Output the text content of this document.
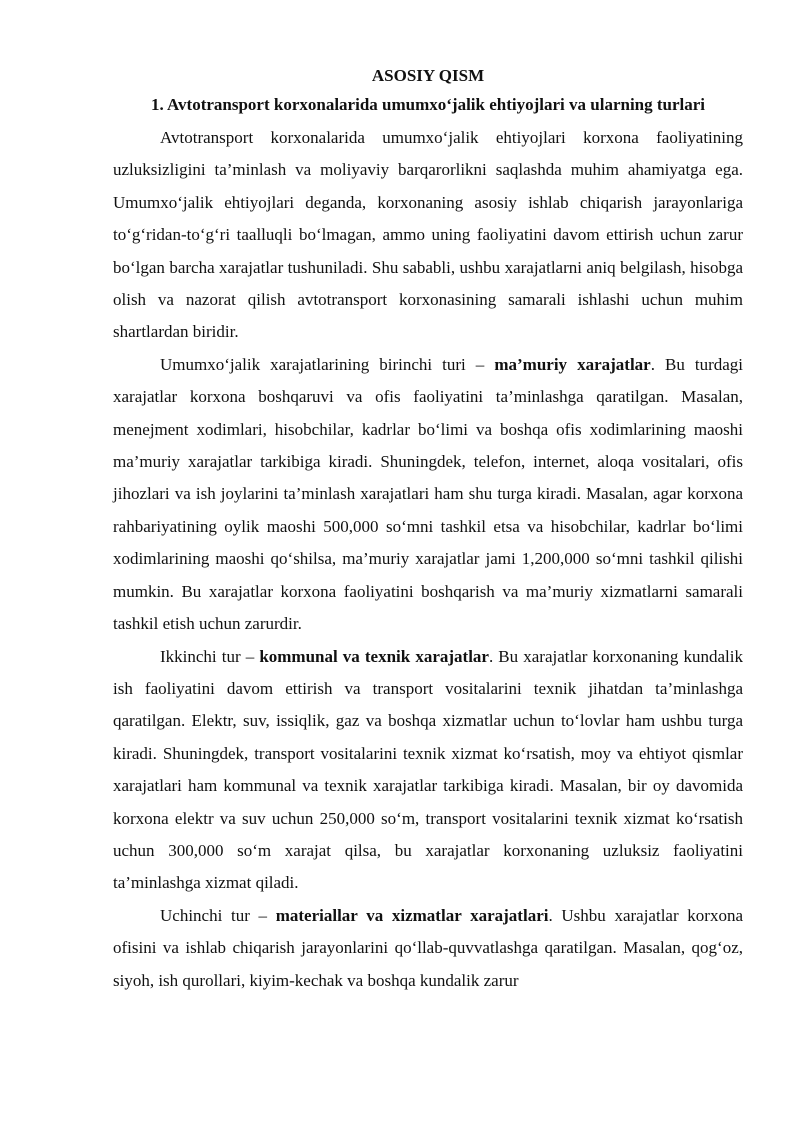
ASOSIY QISM
1. Avtotransport korxonalarida umumxo‘jalik ehtiyojlari va ularning turlari

Avtotransport korxonalarida umumxo‘jalik ehtiyojlari korxona faoliyatining uzluksizligini ta’minlash va moliyaviy barqarorlikni saqlashda muhim ahamiyatga ega. Umumxo‘jalik ehtiyojlari deganda, korxonaning asosiy ishlab chiqarish jarayonlariga to‘g‘ridan-to‘g‘ri taalluqli bo‘lmagan, ammo uning faoliyatini davom ettirish uchun zarur bo‘lgan barcha xarajatlar tushuniladi. Shu sababli, ushbu xarajatlarni aniq belgilash, hisobga olish va nazorat qilish avtotransport korxonasining samarali ishlashi uchun muhim shartlardan biridir.

Umumxo‘jalik xarajatlarining birinchi turi – ma’muriy xarajatlar. Bu turdagi xarajatlar korxona boshqaruvi va ofis faoliyatini ta’minlashga qaratilgan. Masalan, menejment xodimlari, hisobchilar, kadrlar bo‘limi va boshqa ofis xodimlarining maoshi ma’muriy xarajatlar tarkibiga kiradi. Shuningdek, telefon, internet, aloqa vositalari, ofis jihozlari va ish joylarini ta’minlash xarajatlari ham shu turga kiradi. Masalan, agar korxona rahbariyatining oylik maoshi 500,000 so‘mni tashkil etsa va hisobchilar, kadrlar bo‘limi xodimlarining maoshi qo‘shilsa, ma’muriy xarajatlar jami 1,200,000 so‘mni tashkil qilishi mumkin. Bu xarajatlar korxona faoliyatini boshqarish va ma’muriy xizmatlarni samarali tashkil etish uchun zarurdir.

Ikkinchi tur – kommunal va texnik xarajatlar. Bu xarajatlar korxonaning kundalik ish faoliyatini davom ettirish va transport vositalarini texnik jihatdan ta’minlashga qaratilgan. Elektr, suv, issiqlik, gaz va boshqa xizmatlar uchun to‘lovlar ham ushbu turga kiradi. Shuningdek, transport vositalarini texnik xizmat ko‘rsatish, moy va ehtiyot qismlar xarajatlari ham kommunal va texnik xarajatlar tarkibiga kiradi. Masalan, bir oy davomida korxona elektr va suv uchun 250,000 so‘m, transport vositalarini texnik xizmat ko‘rsatish uchun 300,000 so‘m xarajat qilsa, bu xarajatlar korxonaning uzluksiz faoliyatini ta’minlashga xizmat qiladi.

Uchinchi tur – materiallar va xizmatlar xarajatlari. Ushbu xarajatlar korxona ofisini va ishlab chiqarish jarayonlarini qo‘llab-quvvatlashga qaratilgan. Masalan, qog‘oz, siyoh, ish qurollari, kiyim-kechak va boshqa kundalik zarur
